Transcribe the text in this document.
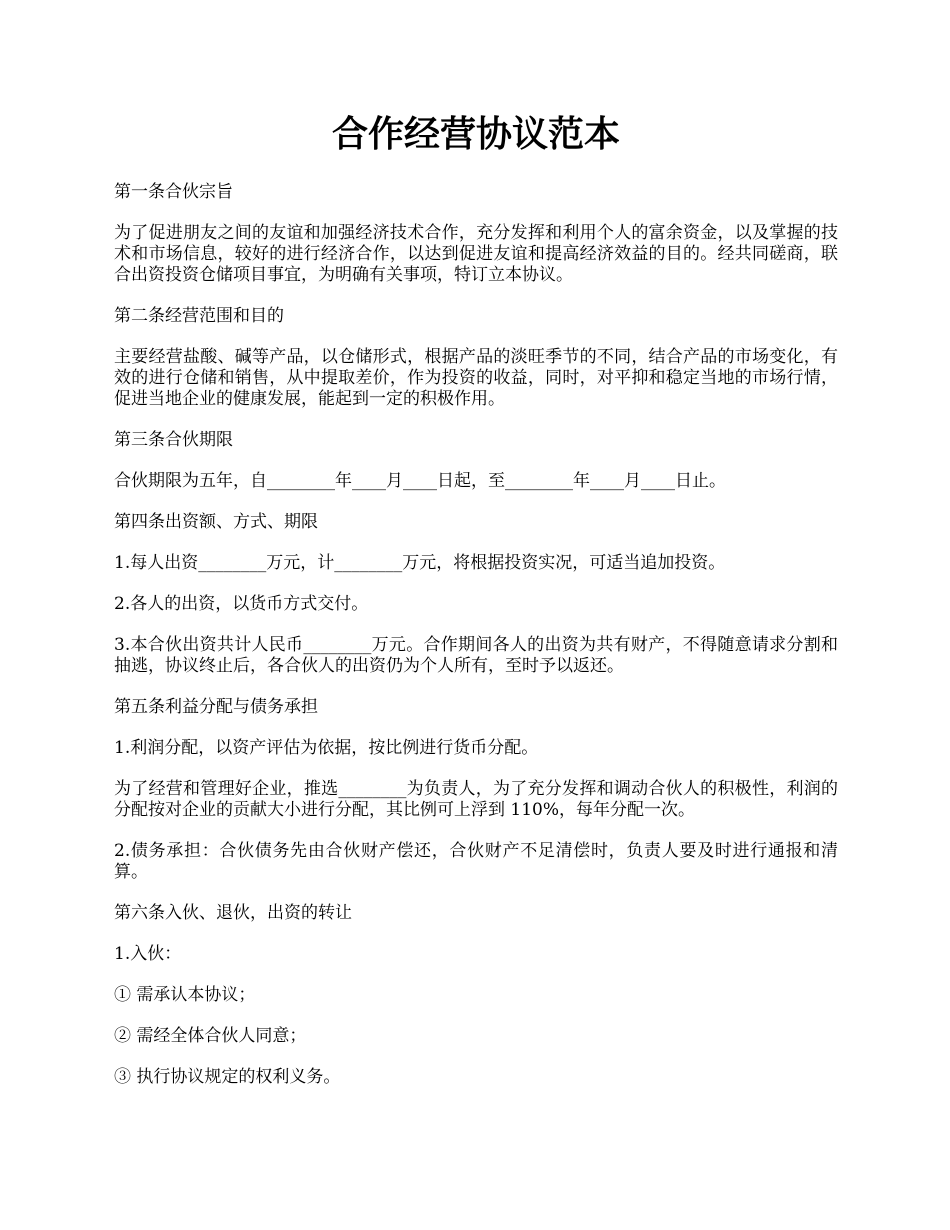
合作经营协议范本

第一条合伙宗旨

为了促进朋友之间的友谊和加强经济技术合作，充分发挥和利用个人的富余资金，以及掌握的技术和市场信息，较好的进行经济合作，以达到促进友谊和提高经济效益的目的。经共同磋商，联合出资投资仓储项目事宜，为明确有关事项，特订立本协议。

第二条经营范围和目的

主要经营盐酸、碱等产品，以仓储形式，根据产品的淡旺季节的不同，结合产品的市场变化，有效的进行仓储和销售，从中提取差价，作为投资的收益，同时，对平抑和稳定当地的市场行情，促进当地企业的健康发展，能起到一定的积极作用。

第三条合伙期限

合伙期限为五年，自________年____月____日起，至________年____月____日止。

第四条出资额、方式、期限

1.每人出资________万元，计________万元，将根据投资实况，可适当追加投资。

2.各人的出资，以货币方式交付。

3.本合伙出资共计人民币________万元。合作期间各人的出资为共有财产，不得随意请求分割和抽逃，协议终止后，各合伙人的出资仍为个人所有，至时予以返还。

第五条利益分配与债务承担

1.利润分配，以资产评估为依据，按比例进行货币分配。

为了经营和管理好企业，推选________为负责人，为了充分发挥和调动合伙人的积极性，利润的分配按对企业的贡献大小进行分配，其比例可上浮到 110%，每年分配一次。

2.债务承担：合伙债务先由合伙财产偿还，合伙财产不足清偿时，负责人要及时进行通报和清算。

第六条入伙、退伙，出资的转让

1.入伙：

① 需承认本协议；

② 需经全体合伙人同意；

③ 执行协议规定的权利义务。
